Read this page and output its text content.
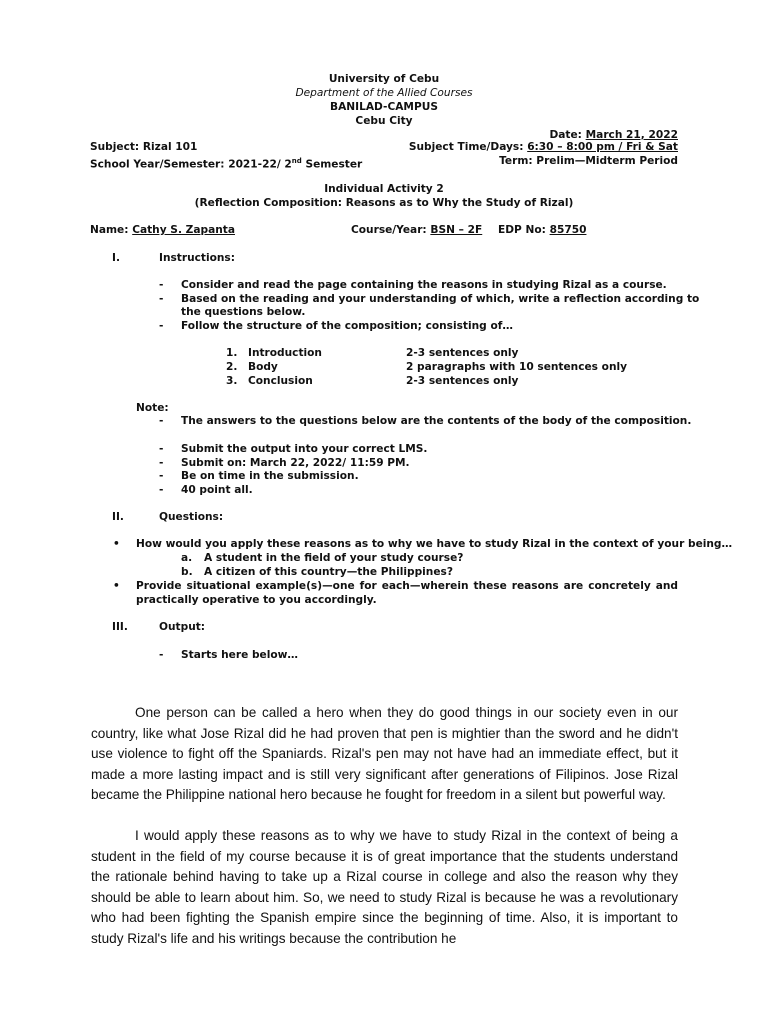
University of Cebu
Department of the Allied Courses
BANILAD-CAMPUS
Cebu City
Date: March 21, 2022
Subject: Rizal 101	Subject Time/Days: 6:30 – 8:00 pm / Fri & Sat
School Year/Semester: 2021-22/ 2nd Semester	Term: Prelim—Midterm Period
Individual Activity 2
(Reflection Composition: Reasons as to Why the Study of Rizal)
Name: Cathy S. Zapanta	Course/Year: BSN – 2F EDP No: 85750
I.	Instructions:
- Consider and read the page containing the reasons in studying Rizal as a course.
- Based on the reading and your understanding of which, write a reflection according to
the questions below.
- Follow the structure of the composition; consisting of…
1. Introduction	2-3 sentences only
2. Body	2 paragraphs with 10 sentences only
3. Conclusion	2-3 sentences only
Note:
- The answers to the questions below are the contents of the body of the composition.
- Submit the output into your correct LMS.
- Submit on: March 22, 2022/ 11:59 PM.
- Be on time in the submission.
- 40 point all.
II.	Questions:
• How would you apply these reasons as to why we have to study Rizal in the context of your being…
a. A student in the field of your study course?
b. A citizen of this country—the Philippines?
• Provide situational example(s)—one for each—wherein these reasons are concretely and
practically operative to you accordingly.
III.	Output:
- Starts here below…

One person can be called a hero when they do good things in our society even in our country, like what Jose Rizal did he had proven that pen is mightier than the sword and he didn't use violence to fight off the Spaniards. Rizal's pen may not have had an immediate effect, but it made a more lasting impact and is still very significant after generations of Filipinos. Jose Rizal became the Philippine national hero because he fought for freedom in a silent but powerful way.

I would apply these reasons as to why we have to study Rizal in the context of being a student in the field of my course because it is of great importance that the students understand the rationale behind having to take up a Rizal course in college and also the reason why they should be able to learn about him. So, we need to study Rizal is because he was a revolutionary who had been fighting the Spanish empire since the beginning of time. Also, it is important to study Rizal's life and his writings because the contribution he
